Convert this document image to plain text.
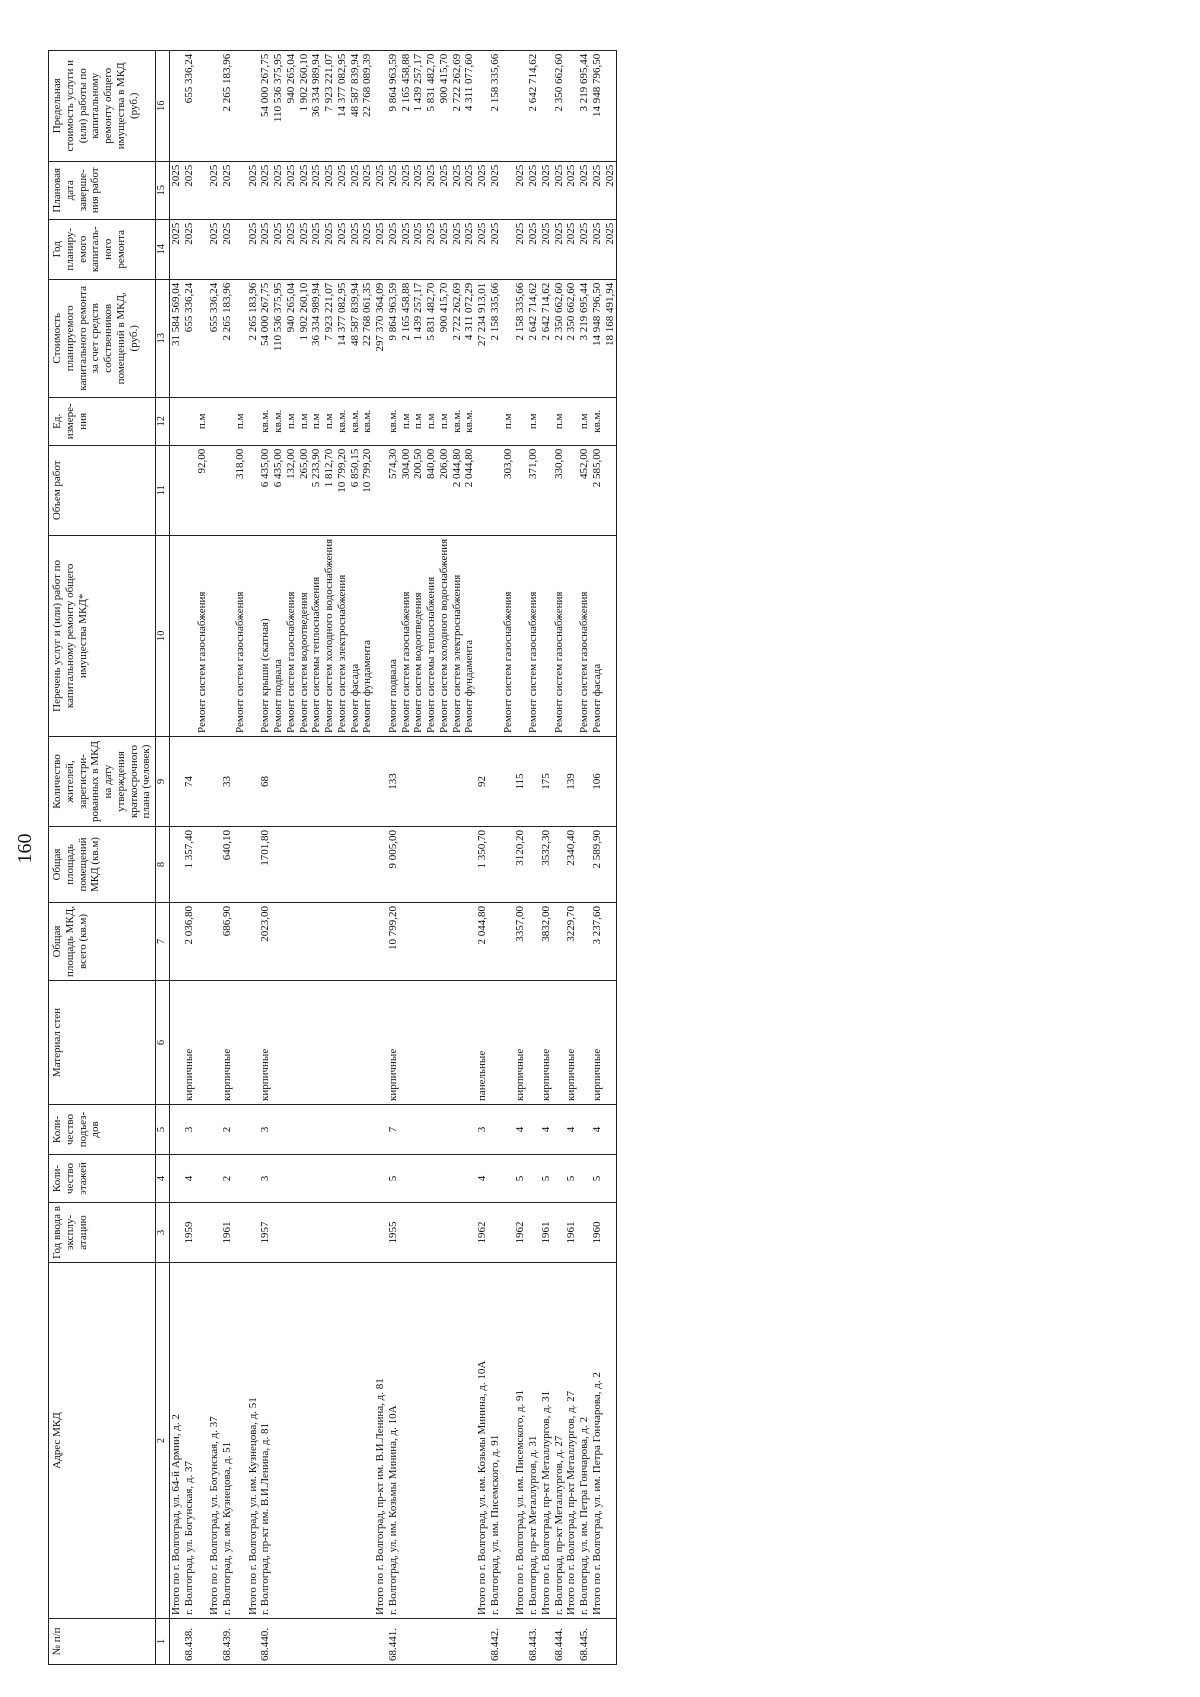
160
№ п/п	Адрес МКД	Год ввода в эксплу-атацию	Коли-чество этажей	Коли-чество подъез-дов	Материал стен	Общая площадь МКД, всего (кв.м)	Общая площадь помещений МКД (кв.м)	Количество жителей, зарегистри-рованных в МКД на дату утверждения краткосрочного плана (человек)	Перечень услуг и (или) работ по капитальному ремонту общего имущества МКД*	Объем работ	Ед. измере-ния	Стоимость планируемого капитального ремонта за счет средств собственников помещений в МКД, (руб.)	Год планиру-емого капиталь-ного ремонта	Плановая дата заверше-ния работ	Предельная стоимость услуги и (или) работы по капитальному ремонту общего имущества в МКД (руб.)
1	2	3	4	5	6	7	8	9	10	11	12	13	14	15	16
	Итого по г. Волгоград, ул. 64-й Армии, д. 2											31 584 569,04	2025	2025	
68.438.	г. Волгоград, ул. Богунская, д. 37	1959	4	3	кирпичные	2 036,80	1 357,40	74				655 336,24	2025	2025	655 336,24
									Ремонт систем газоснабжения	92,00	п.м				
	Итого по г. Волгоград, ул. Богунская, д. 37											655 336,24	2025	2025	
68.439.	г. Волгоград, ул. им. Кузнецова, д. 51	1961	2	2	кирпичные	686,90	640,10	33				2 265 183,96	2025	2025	2 265 183,96
									Ремонт систем газоснабжения	318,00	п.м				
	Итого по г. Волгоград, ул. им. Кузнецова, д. 51											2 265 183,96	2025	2025	
68.440.	г. Волгоград, пр-кт им. В.И.Ленина, д. 81	1957	3	3	кирпичные	2023,00	1701,80	68	Ремонт крыши (скатная)	6 435,00	кв.м.	54 000 267,75	2025	2025	54 000 267,75
									Ремонт подвала	6 435,00	кв.м.	110 536 375,95	2025	2025	110 536 375,95
									Ремонт систем газоснабжения	132,00	п.м	940 265,04	2025	2025	940 265,04
									Ремонт систем водоотведения	265,00	п.м	1 902 260,10	2025	2025	1 902 260,10
									Ремонт системы теплоснабжения	5 233,90	п.м	36 334 989,94	2025	2025	36 334 989,94
									Ремонт систем холодного водоснабжения	1 812,70	п.м	7 923 221,07	2025	2025	7 923 221,07
									Ремонт систем электроснабжения	10 799,20	кв.м.	14 377 082,95	2025	2025	14 377 082,95
									Ремонт фасада	6 850,15	кв.м.	48 587 839,94	2025	2025	48 587 839,94
									Ремонт фундамента	10 799,20	кв.м.	22 768 061,35	2025	2025	22 768 089,39
	Итого по г. Волгоград, пр-кт им. В.И.Ленина, д. 81											297 370 364,09	2025	2025	
68.441.	г. Волгоград, ул. им. Козьмы Минина, д. 10А	1955	5	7	кирпичные	10 799,20	9 005,00	133	Ремонт подвала	574,30	кв.м.	9 864 963,59	2025	2025	9 864 963,59
									Ремонт систем газоснабжения	304,00	п.м	2 165 458,88	2025	2025	2 165 458,88
									Ремонт систем водоотведения	200,50	п.м	1 439 257,17	2025	2025	1 439 257,17
									Ремонт системы теплоснабжения	840,00	п.м	5 831 482,70	2025	2025	5 831 482,70
									Ремонт систем холодного водоснабжения	206,00	п.м	900 415,70	2025	2025	900 415,70
									Ремонт систем электроснабжения	2 044,80	кв.м.	2 722 262,69	2025	2025	2 722 262,69
									Ремонт фундамента	2 044,80	кв.м.	4 311 072,29	2025	2025	4 311 077,60
	Итого по г. Волгоград, ул. им. Козьмы Минина, д. 10А	1962	4	3	панельные	2 044,80	1 350,70	92				27 234 913,01	2025	2025	
68.442.	г. Волгоград, ул. им. Писемского, д. 91											2 158 335,66	2025	2025	2 158 335,66
									Ремонт систем газоснабжения	303,00	п.м				
	Итого по г. Волгоград, ул. им. Писемского, д. 91	1962	5	4	кирпичные	3357,00	3120,20	115				2 158 335,66	2025	2025	
68.443.	г. Волгоград, пр-кт Металлургов, д. 31								Ремонт систем газоснабжения	371,00	п.м	2 642 714,62	2025	2025	2 642 714,62
	Итого по г. Волгоград, пр-кт Металлургов, д. 31	1961	5	4	кирпичные	3832,00	3532,30	175				2 642 714,62	2025	2025	
68.444.	г. Волгоград, пр-кт Металлургов, д. 27								Ремонт систем газоснабжения	330,00	п.м	2 350 662,60	2025	2025	2 350 662,60
	Итого по г. Волгоград, пр-кт Металлургов, д. 27	1961	5	4	кирпичные	3229,70	2340,40	139				2 350 662,60	2025	2025	
68.445.	г. Волгоград, ул. им. Петра Гончарова, д. 2								Ремонт систем газоснабжения	452,00	п.м	3 219 695,44	2025	2025	3 219 695,44
	Итого по г. Волгоград, ул. им. Петра Гончарова, д. 2	1960	5	4	кирпичные	3 237,60	2 589,90	106	Ремонт фасада	2 585,00	кв.м.	14 948 796,50	2025	2025	14 948 796,50
												18 168 491,94	2025	2025	
